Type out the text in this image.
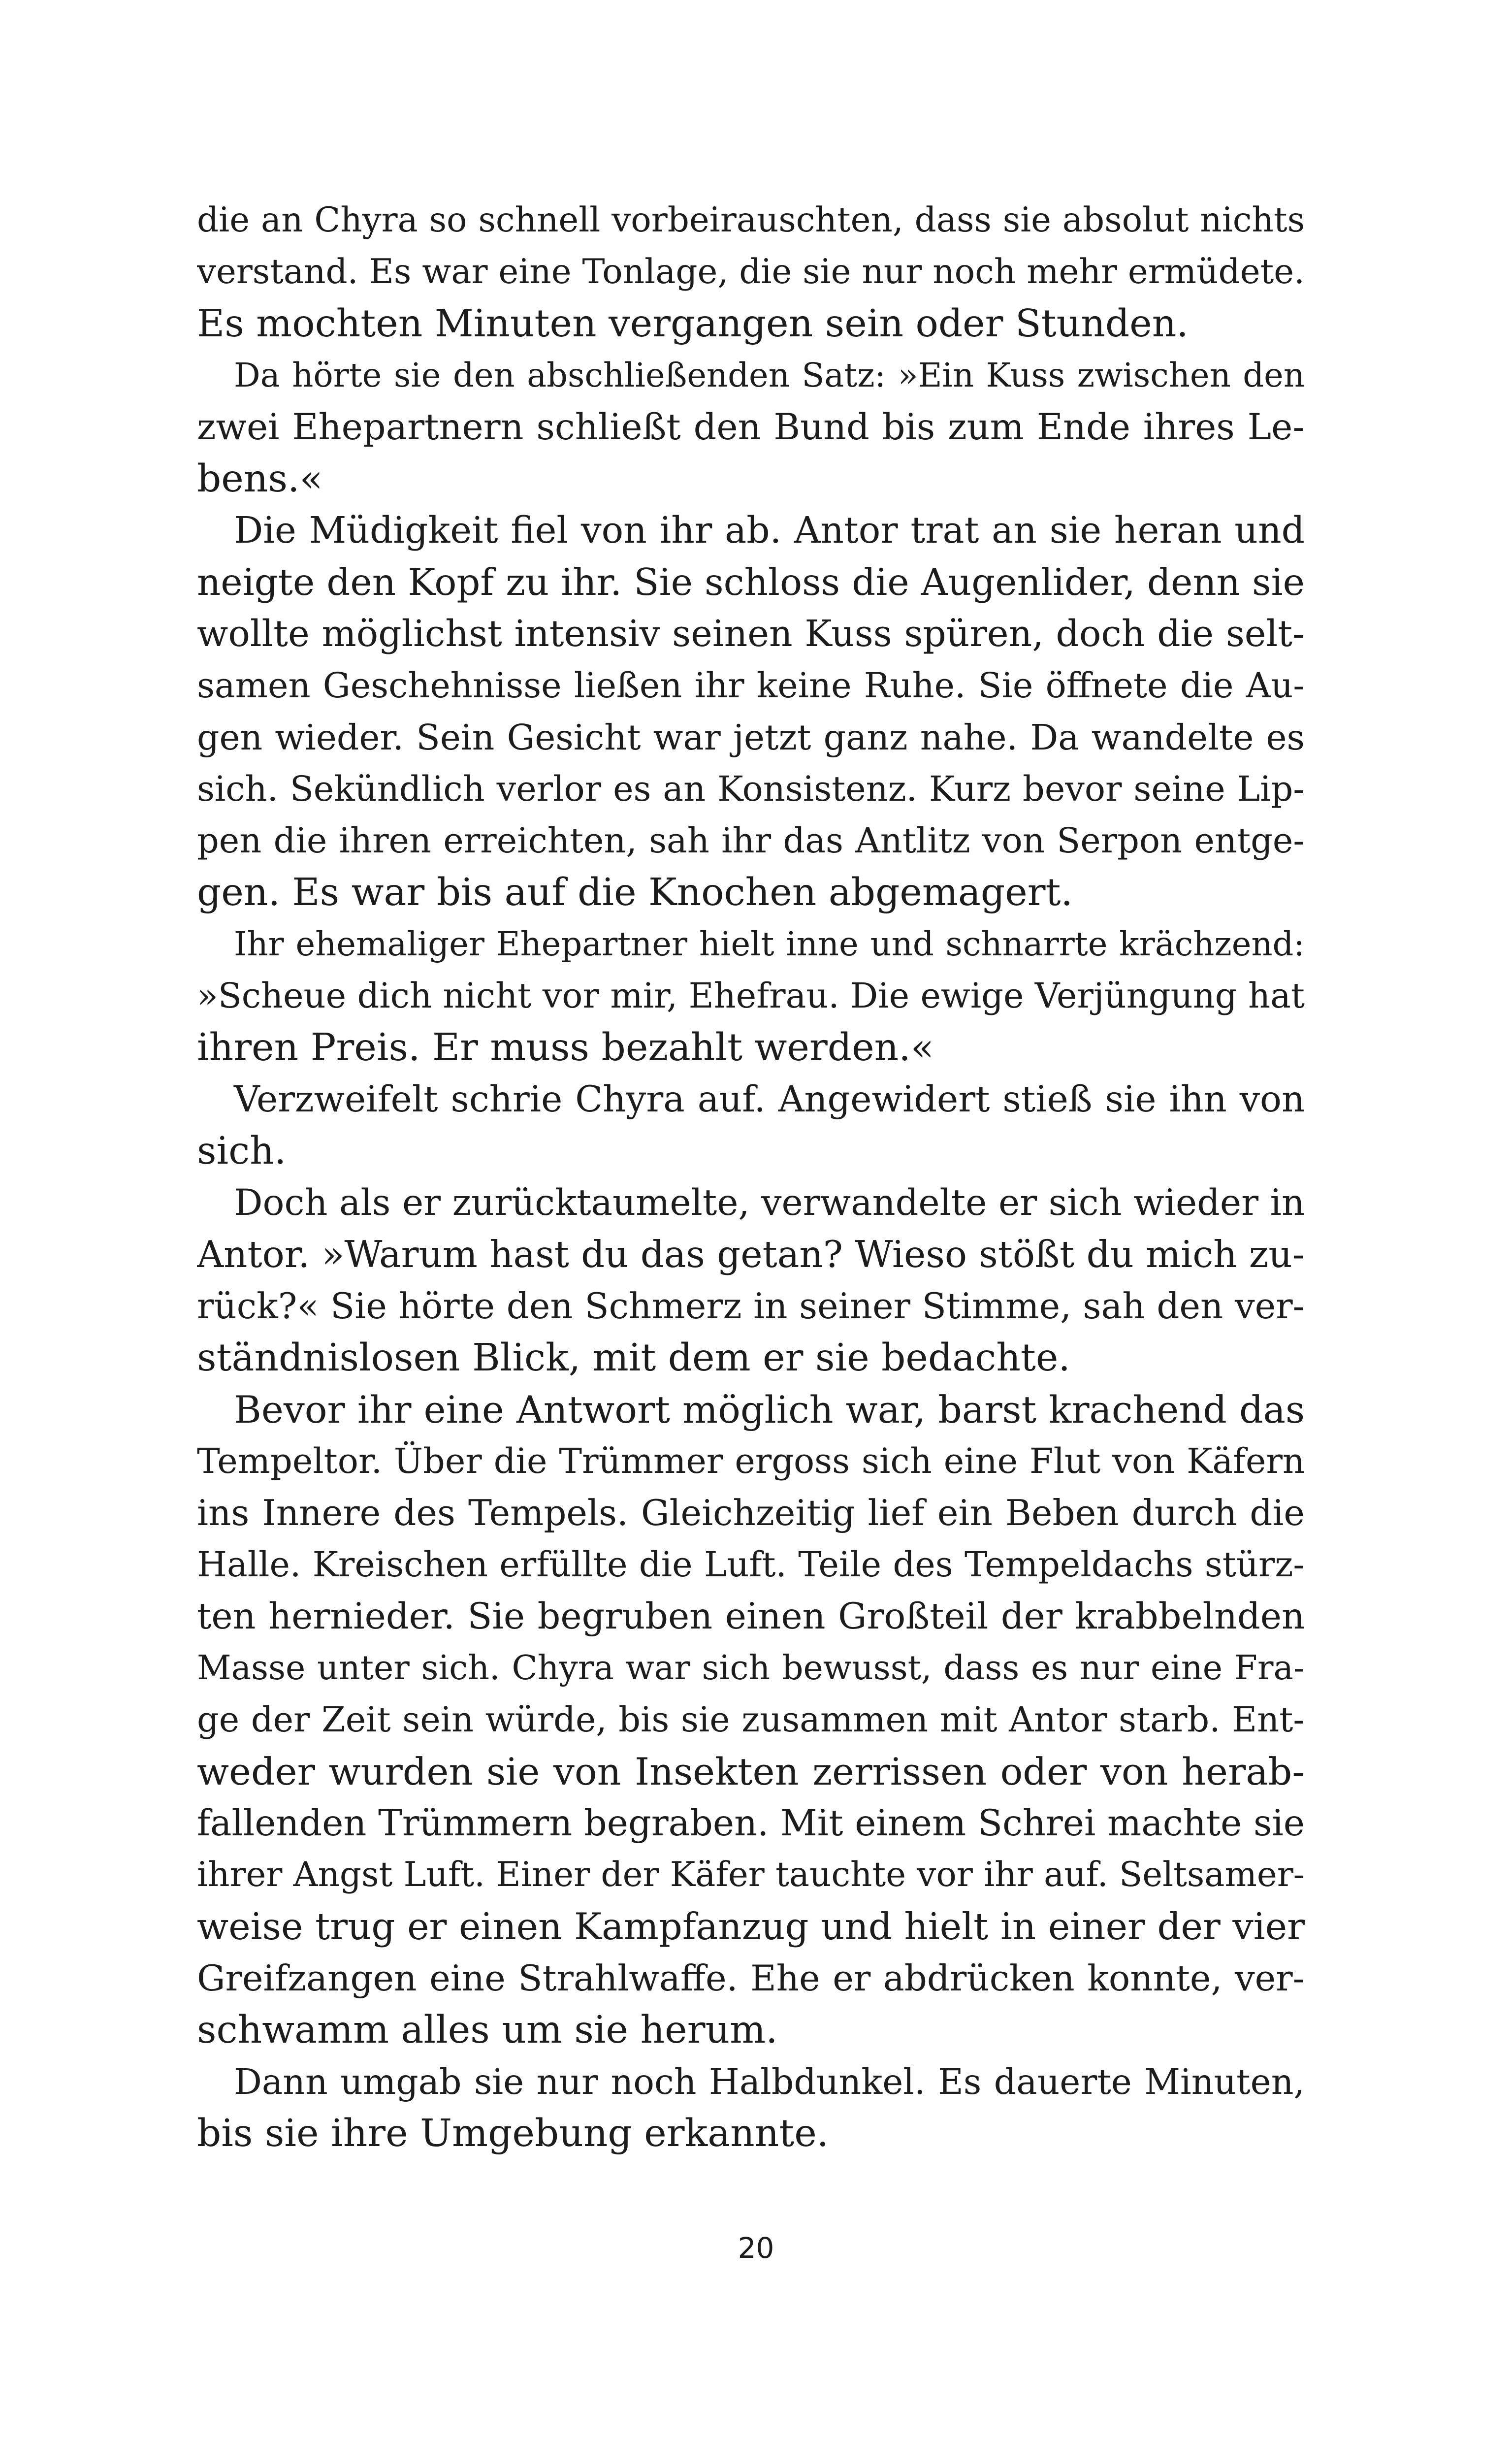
die an Chyra so schnell vorbeirauschten, dass sie absolut nichts
verstand. Es war eine Tonlage, die sie nur noch mehr ermüdete.
Es mochten Minuten vergangen sein oder Stunden.
Da hörte sie den abschließenden Satz: »Ein Kuss zwischen den
zwei Ehepartnern schließt den Bund bis zum Ende ihres Le-
bens.«
Die Müdigkeit fiel von ihr ab. Antor trat an sie heran und
neigte den Kopf zu ihr. Sie schloss die Augenlider, denn sie
wollte möglichst intensiv seinen Kuss spüren, doch die selt-
samen Geschehnisse ließen ihr keine Ruhe. Sie öffnete die Au-
gen wieder. Sein Gesicht war jetzt ganz nahe. Da wandelte es
sich. Sekündlich verlor es an Konsistenz. Kurz bevor seine Lip-
pen die ihren erreichten, sah ihr das Antlitz von Serpon entge-
gen. Es war bis auf die Knochen abgemagert.
Ihr ehemaliger Ehepartner hielt inne und schnarrte krächzend:
»Scheue dich nicht vor mir, Ehefrau. Die ewige Verjüngung hat
ihren Preis. Er muss bezahlt werden.«
Verzweifelt schrie Chyra auf. Angewidert stieß sie ihn von
sich.
Doch als er zurücktaumelte, verwandelte er sich wieder in
Antor. »Warum hast du das getan? Wieso stößt du mich zu-
rück?« Sie hörte den Schmerz in seiner Stimme, sah den ver-
ständnislosen Blick, mit dem er sie bedachte.
Bevor ihr eine Antwort möglich war, barst krachend das
Tempeltor. Über die Trümmer ergoss sich eine Flut von Käfern
ins Innere des Tempels. Gleichzeitig lief ein Beben durch die
Halle. Kreischen erfüllte die Luft. Teile des Tempeldachs stürz-
ten hernieder. Sie begruben einen Großteil der krabbelnden
Masse unter sich. Chyra war sich bewusst, dass es nur eine Fra-
ge der Zeit sein würde, bis sie zusammen mit Antor starb. Ent-
weder wurden sie von Insekten zerrissen oder von herab-
fallenden Trümmern begraben. Mit einem Schrei machte sie
ihrer Angst Luft. Einer der Käfer tauchte vor ihr auf. Seltsamer-
weise trug er einen Kampfanzug und hielt in einer der vier
Greifzangen eine Strahlwaffe. Ehe er abdrücken konnte, ver-
schwamm alles um sie herum.
Dann umgab sie nur noch Halbdunkel. Es dauerte Minuten,
bis sie ihre Umgebung erkannte.
20
